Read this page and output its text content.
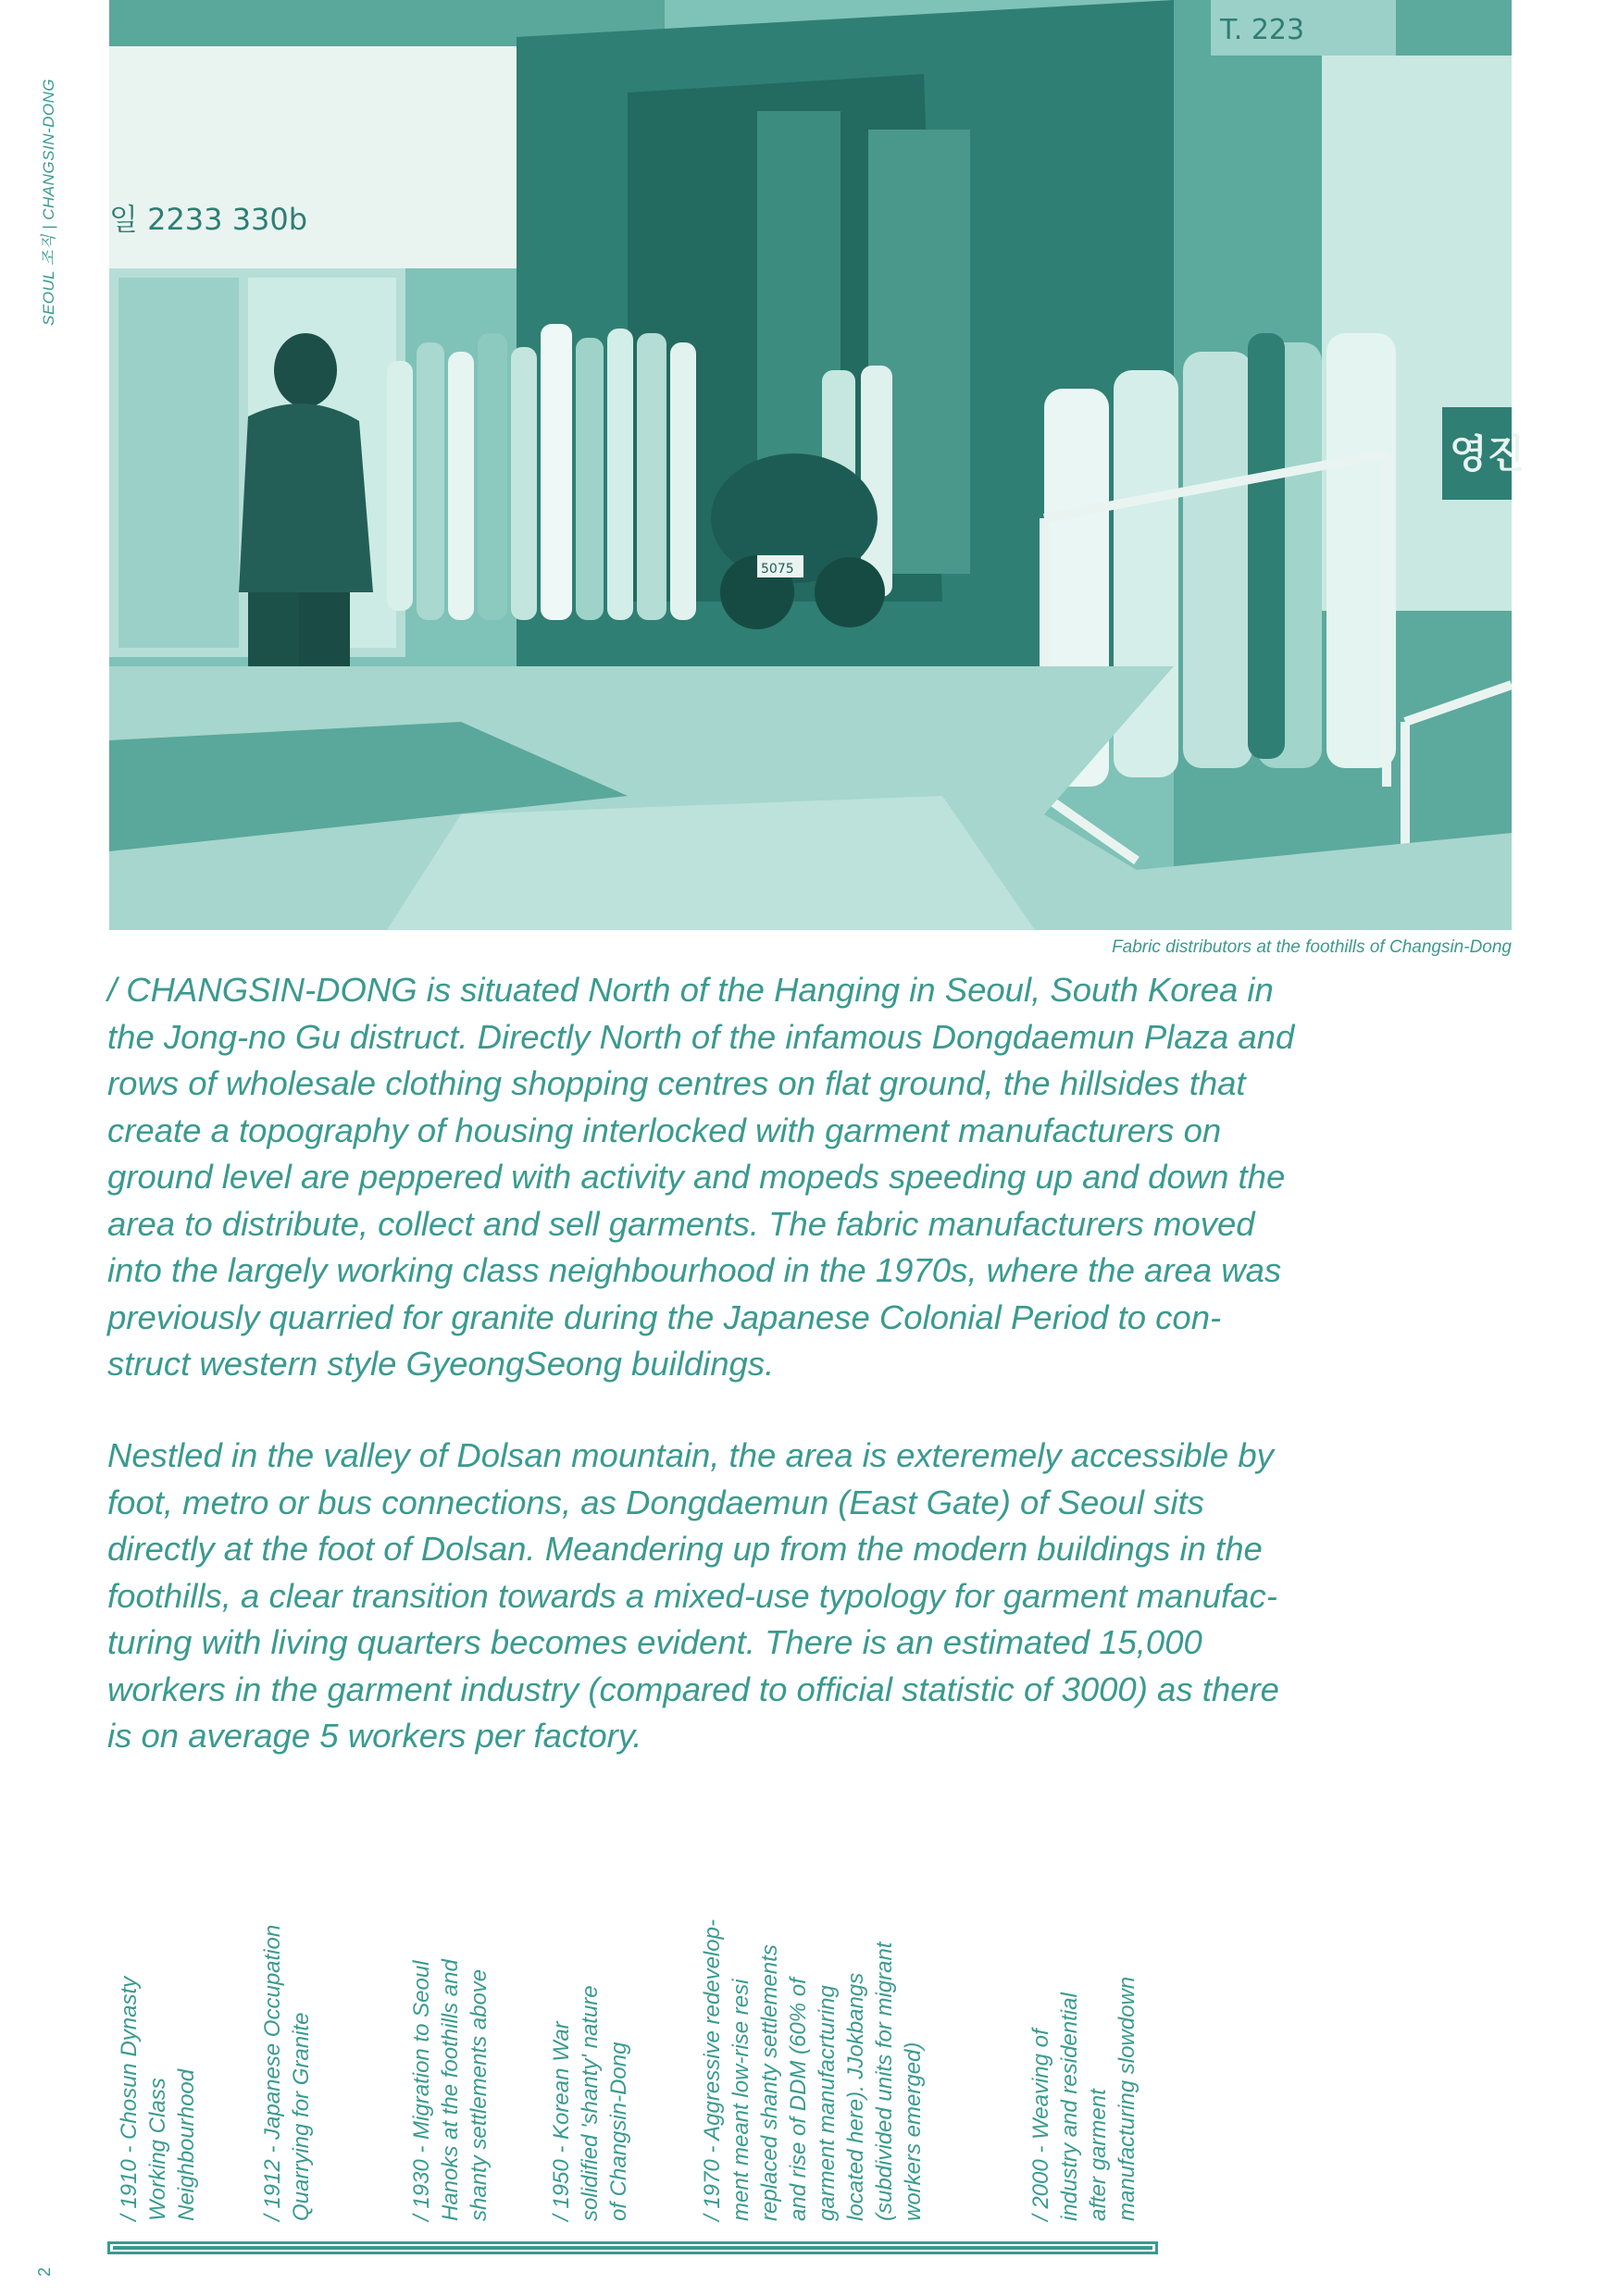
SEOUL 조직 | CHANGSIN-DONG 일 2233 330b
5075
T. 223
영진
Fabric distributors at the foothills of Changsin-Dong

/ CHANGSIN-DONG is situated North of the Hanging in Seoul, South Korea in
the Jong-no Gu distruct. Directly North of the infamous Dongdaemun Plaza and
rows of wholesale clothing shopping centres on flat ground, the hillsides that
create a topography of housing interlocked with garment manufacturers on
ground level are peppered with activity and mopeds speeding up and down the
area to distribute, collect and sell garments. The fabric manufacturers moved
into the largely working class neighbourhood in the 1970s, where the area was
previously quarried for granite during the Japanese Colonial Period to con-
struct western style GyeongSeong buildings.

Nestled in the valley of Dolsan mountain, the area is exteremely accessible by
foot, metro or bus connections, as Dongdaemun (East Gate) of Seoul sits
directly at the foot of Dolsan. Meandering up from the modern buildings in the
foothills, a clear transition towards a mixed-use typology for garment manufac-
turing with living quarters becomes evident. There is an estimated 15,000
workers in the garment industry (compared to official statistic of 3000) as there
is on average 5 workers per factory.

/ 1910 - Chosun Dynasty
Working Class
Neighbourhood	/ 1912 - Japanese Occupation
Quarrying for Granite
/ 1930 - Migration to Seoul
Hanoks at the foothills and
shanty settlements above
/ 1950 - Korean War
solidified 'shanty' nature
of Changsin-Dong
/ 1970 - Aggressive redevelop-
ment meant low-rise resi
replaced shanty settlements
and rise of DDM (60% of
garment manufacrturing
located here). JJokbangs
(subdivided units for migrant
workers emerged)
/ 2000 - Weaving of
industry and residential
after garment
manufacturing slowdown
2
